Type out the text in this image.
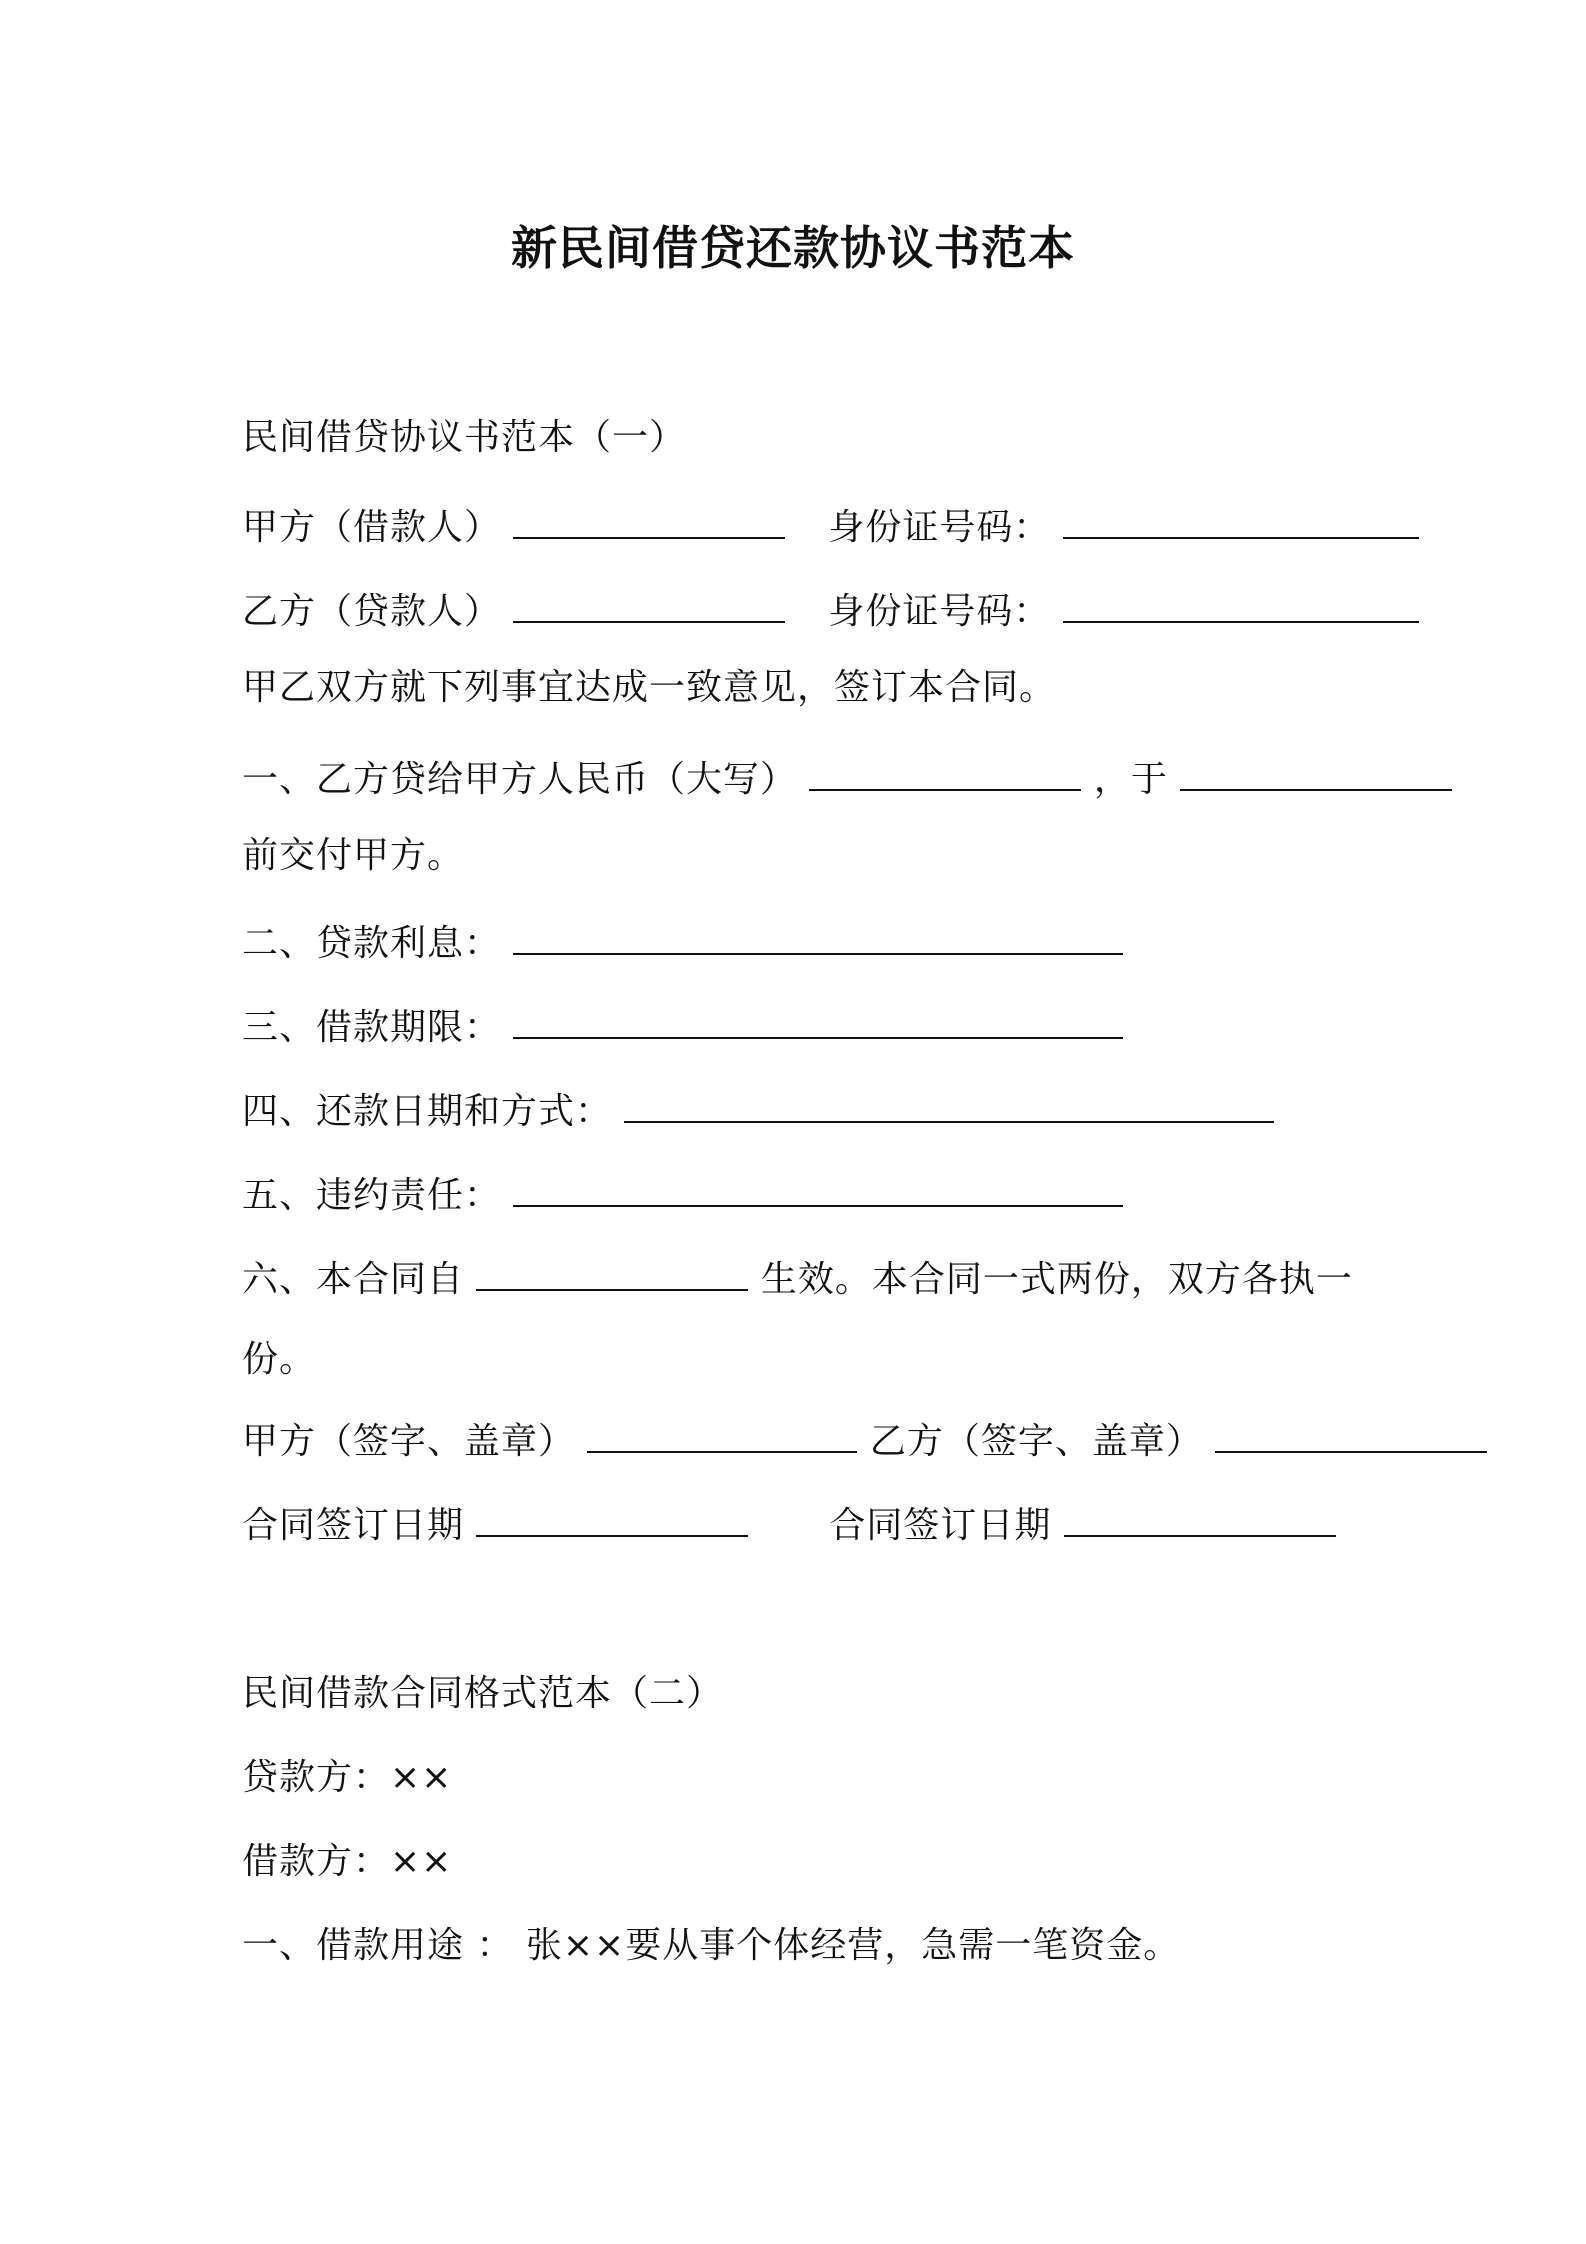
新民间借贷还款协议书范本
民间借贷协议书范本（一）
甲方（借款人）	身份证号码：
乙方（贷款人）	身份证号码：
甲乙双方就下列事宜达成一致意见，签订本合同。
一、乙方贷给甲方人民币（大写）	，于
前交付甲方。
二、贷款利息：
三、借款期限：
四、还款日期和方式：
五、违约责任：
六、本合同自	生效。本合同一式两份，双方各执一
份。
甲方（签字、盖章）	乙方（签字、盖章）
合同签订日期	合同签订日期
民间借款合同格式范本（二）
贷款方：××
借款方：××
一、借款用途 ： 张××要从事个体经营，急需一笔资金。
